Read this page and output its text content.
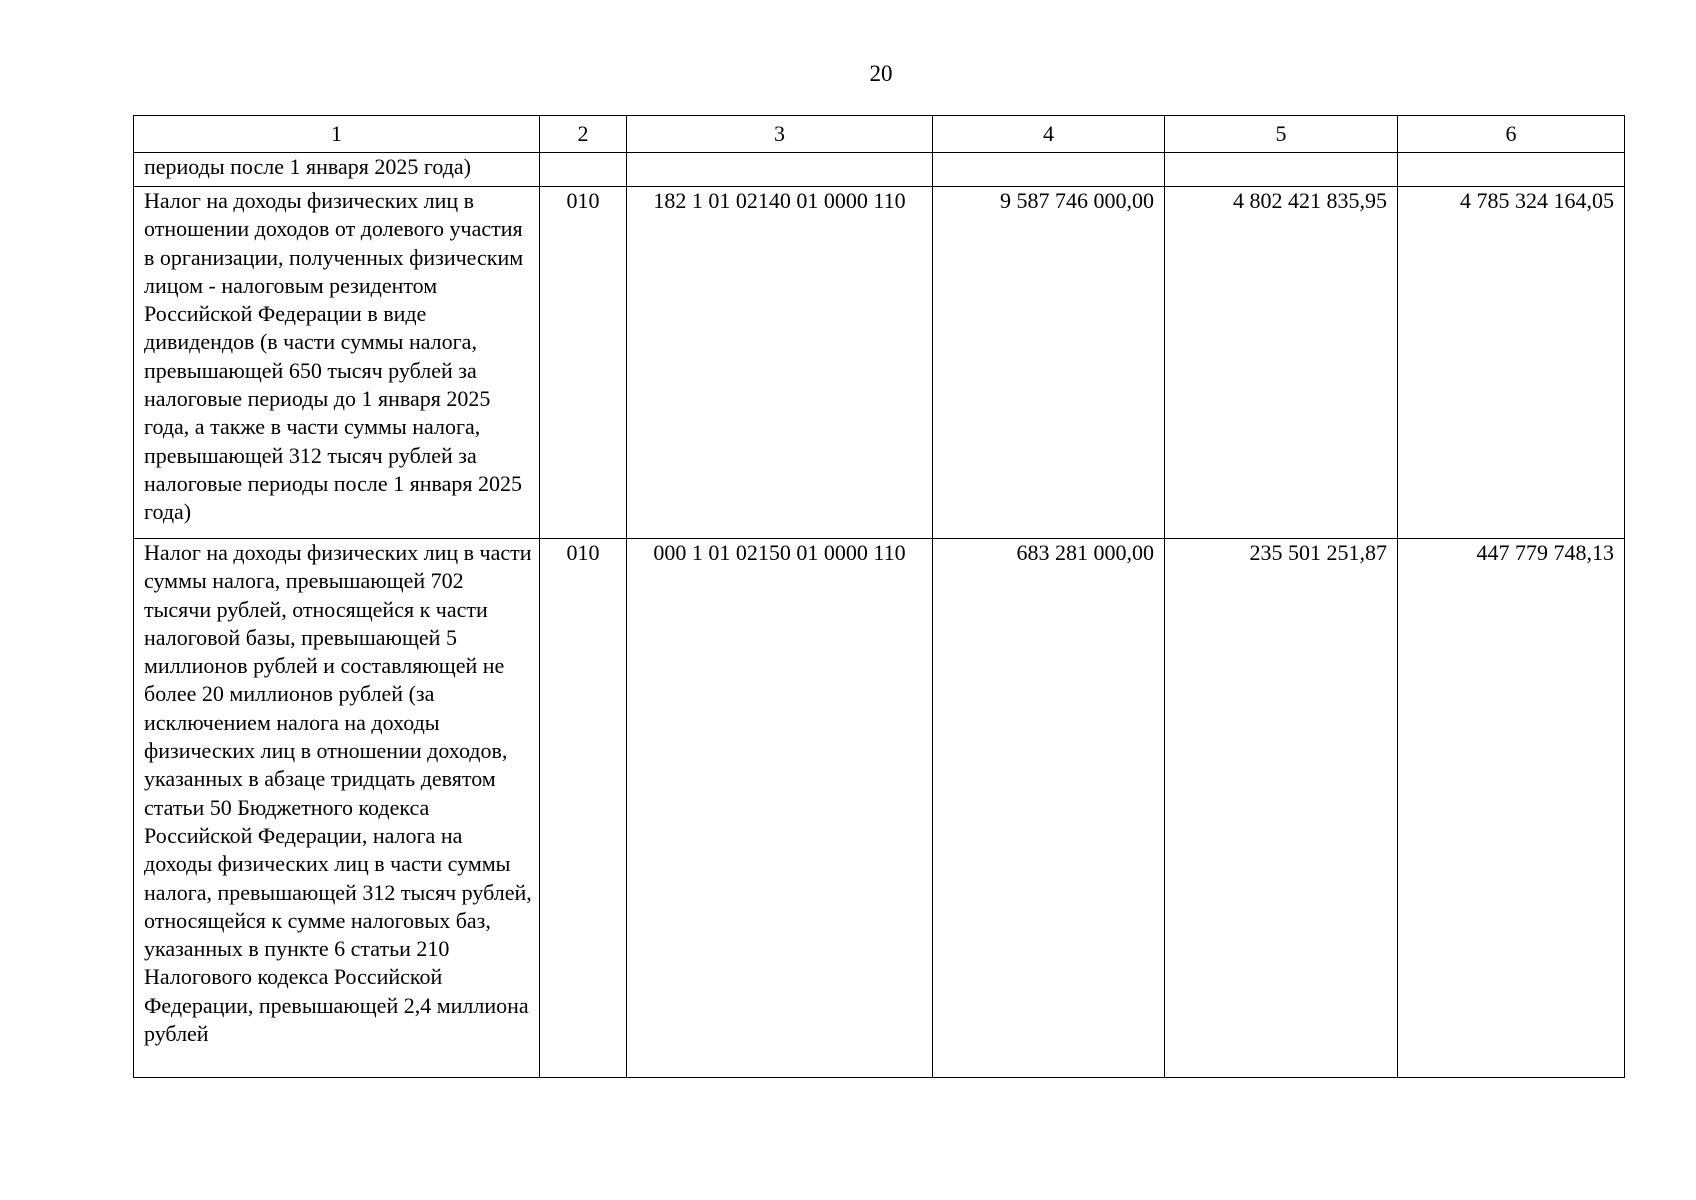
20
1	2	3	4	5	6
периоды после 1 января 2025 года)					
Налог на доходы физических лиц в отношении доходов от долевого участия в организации, полученных физическим лицом - налоговым резидентом Российской Федерации в виде дивидендов (в части суммы налога, превышающей 650 тысяч рублей за налоговые периоды до 1 января 2025 года, а также в части суммы налога, превышающей 312 тысяч рублей за налоговые периоды после 1 января 2025 года)	010	182 1 01 02140 01 0000 110	9 587 746 000,00	4 802 421 835,95	4 785 324 164,05
Налог на доходы физических лиц в части суммы налога, превышающей 702 тысячи рублей, относящейся к части налоговой базы, превышающей 5 миллионов рублей и составляющей не более 20 миллионов рублей (за исключением налога на доходы физических лиц в отношении доходов, указанных в абзаце тридцать девятом статьи 50 Бюджетного кодекса Российской Федерации, налога на доходы физических лиц в части суммы налога, превышающей 312 тысяч рублей, относящейся к сумме налоговых баз, указанных в пункте 6 статьи 210 Налогового кодекса Российской Федерации, превышающей 2,4 миллиона рублей	010	000 1 01 02150 01 0000 110	683 281 000,00	235 501 251,87	447 779 748,13
